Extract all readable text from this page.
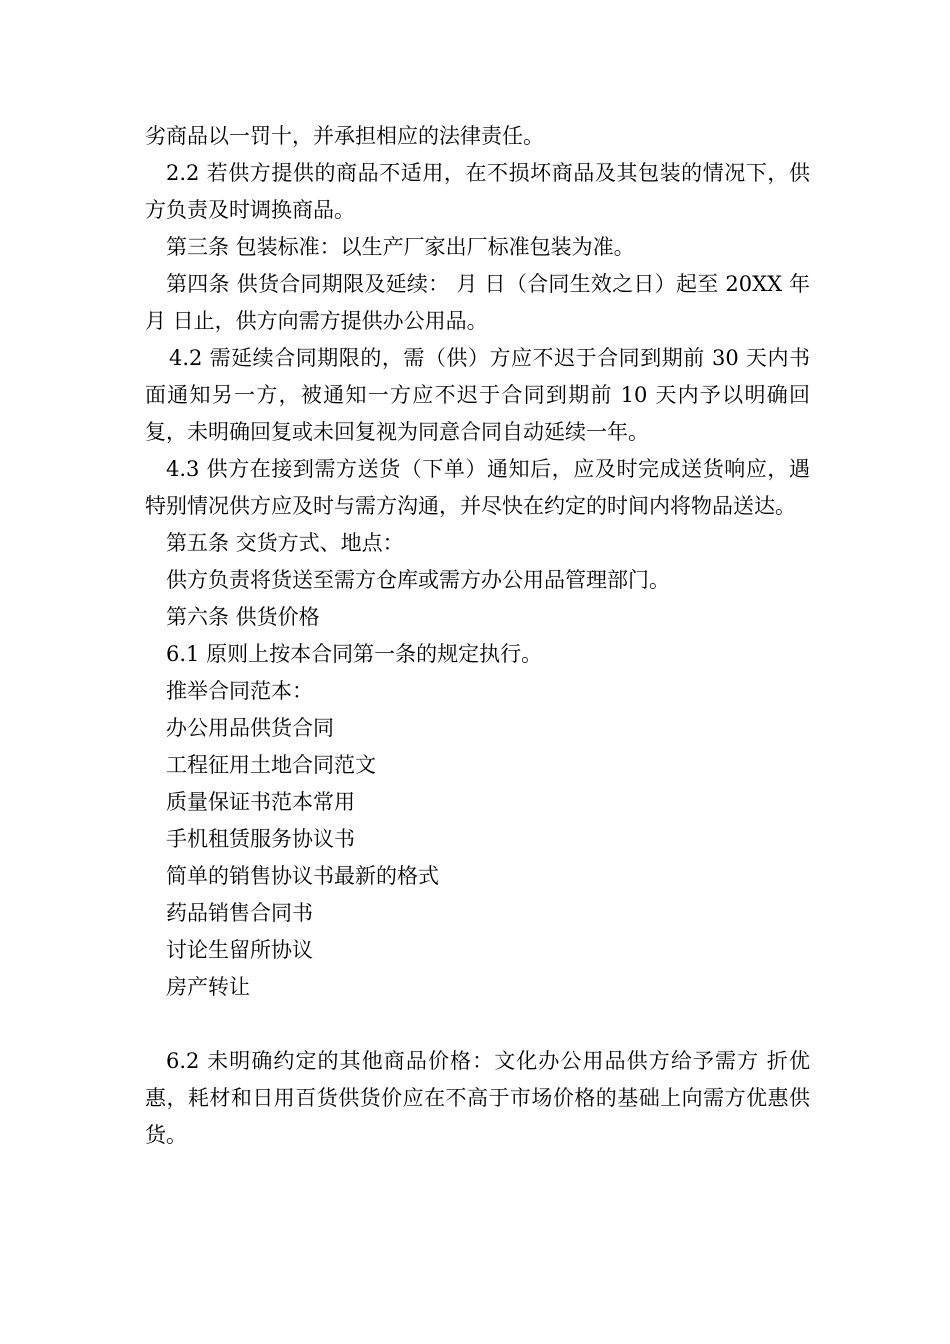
劣商品以一罚十，并承担相应的法律责任。

2.2 若供方提供的商品不适用，在不损坏商品及其包装的情况下，供方负责及时调换商品。

第三条 包装标准：以生产厂家出厂标准包装为准。

第四条 供货合同期限及延续： 月 日（合同生效之日）起至 20XX 年 月 日止，供方向需方提供办公用品。

4.2 需延续合同期限的，需（供）方应不迟于合同到期前 30 天内书面通知另一方，被通知一方应不迟于合同到期前 10 天内予以明确回复，未明确回复或未回复视为同意合同自动延续一年。

4.3 供方在接到需方送货（下单）通知后，应及时完成送货响应，遇特别情况供方应及时与需方沟通，并尽快在约定的时间内将物品送达。

第五条 交货方式、地点：

供方负责将货送至需方仓库或需方办公用品管理部门。

第六条 供货价格

6.1 原则上按本合同第一条的规定执行。

推举合同范本：

办公用品供货合同

工程征用土地合同范文

质量保证书范本常用

手机租赁服务协议书

简单的销售协议书最新的格式

药品销售合同书

讨论生留所协议

房产转让

6.2 未明确约定的其他商品价格：文化办公用品供方给予需方 折优惠，耗材和日用百货供货价应在不高于市场价格的基础上向需方优惠供货。
